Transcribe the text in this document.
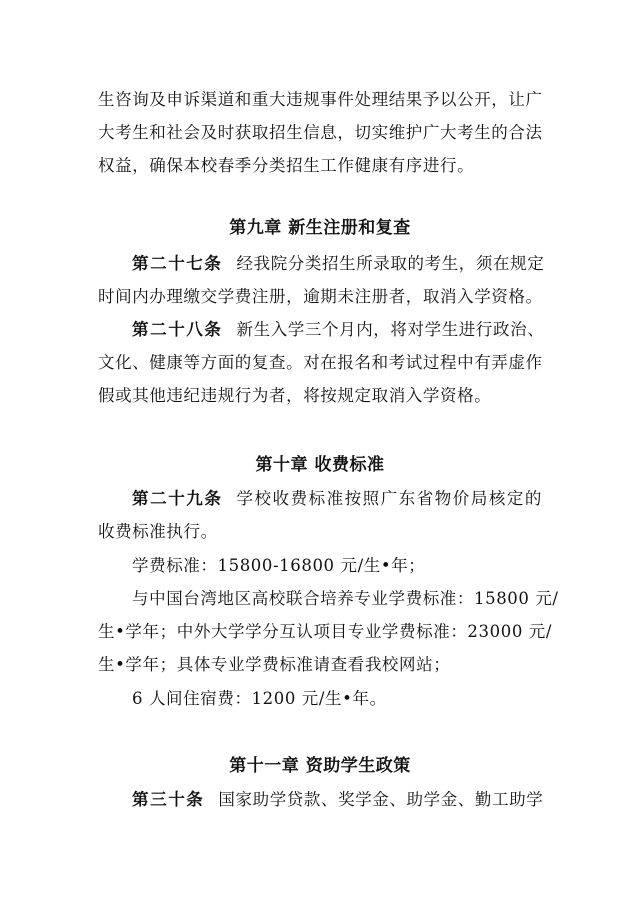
生咨询及申诉渠道和重大违规事件处理结果予以公开，让广
大考生和社会及时获取招生信息，切实维护广大考生的合法
权益，确保本校春季分类招生工作健康有序进行。
第九章 新生注册和复查
第二十七条 经我院分类招生所录取的考生，须在规定
时间内办理缴交学费注册，逾期未注册者，取消入学资格。
第二十八条 新生入学三个月内，将对学生进行政治、
文化、健康等方面的复查。对在报名和考试过程中有弄虚作
假或其他违纪违规行为者，将按规定取消入学资格。
第十章 收费标准
第二十九条 学校收费标准按照广东省物价局核定的
收费标准执行。
学费标准：15800-16800 元/生•年；
与中国台湾地区高校联合培养专业学费标准：15800 元/
生•学年；中外大学学分互认项目专业学费标准：23000 元/
生•学年；具体专业学费标准请查看我校网站；
6 人间住宿费：1200 元/生•年。
第十一章 资助学生政策
第三十条 国家助学贷款、奖学金、助学金、勤工助学
